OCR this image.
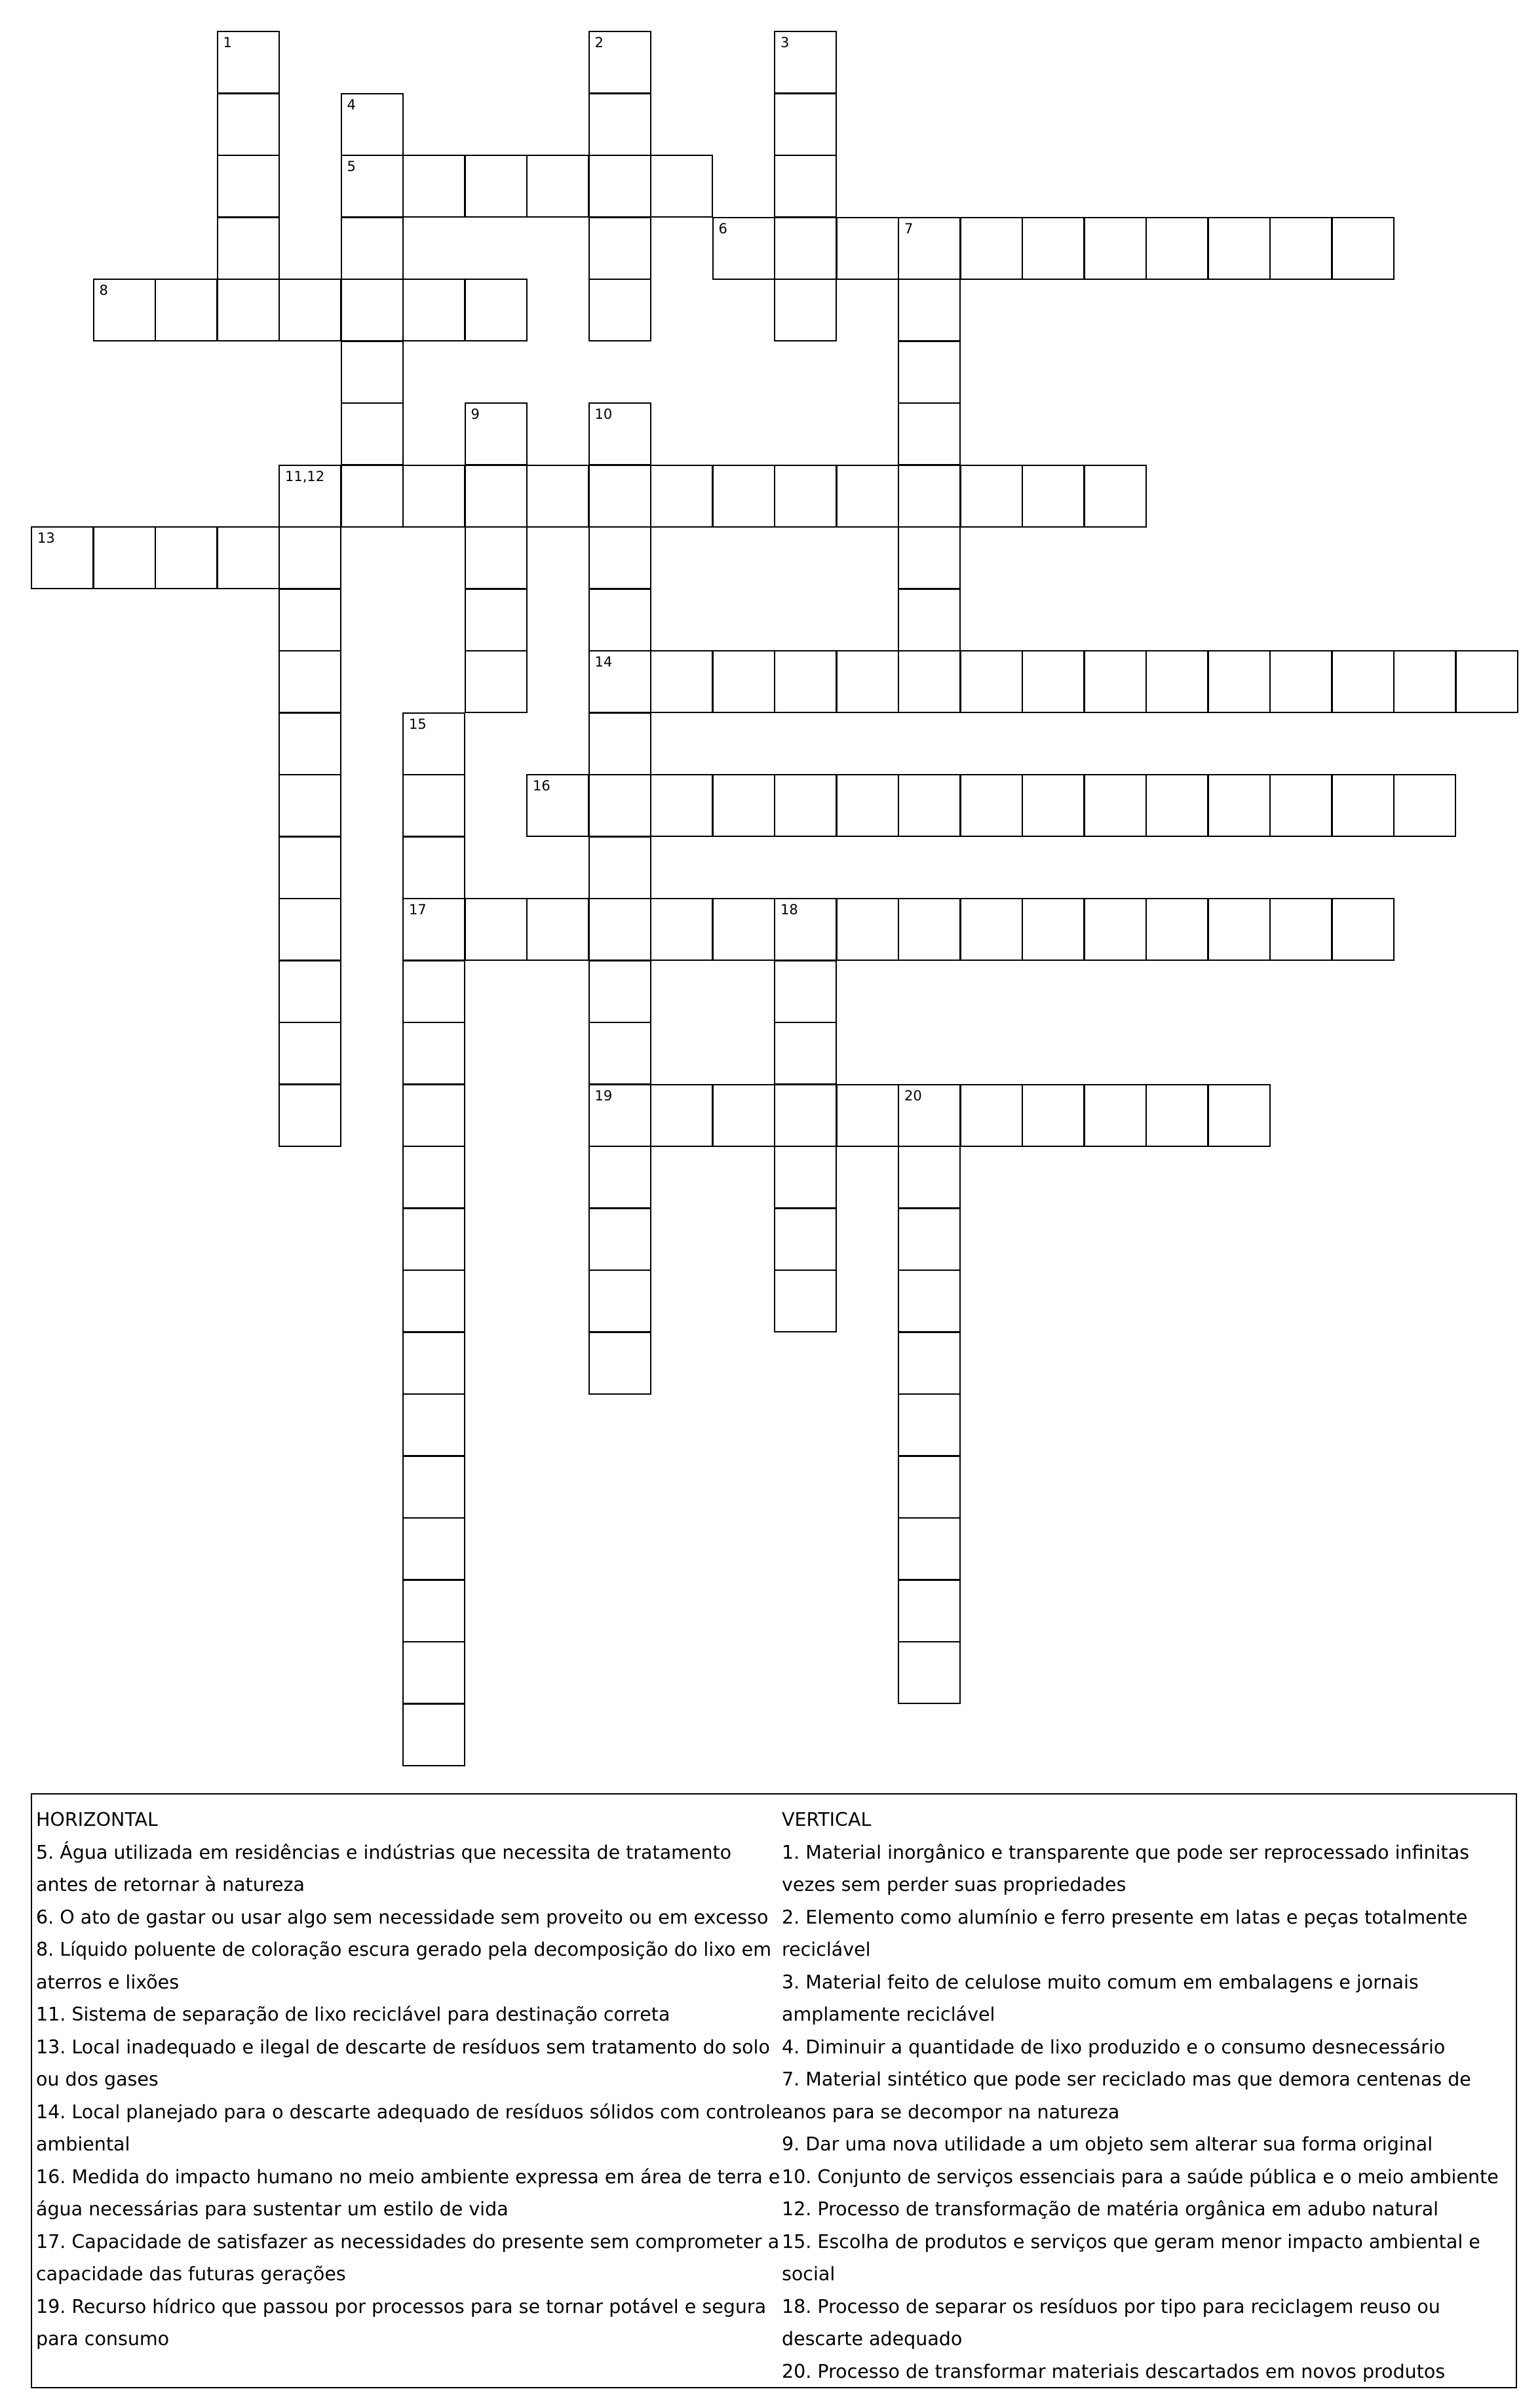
1	2	3
4
5
6	7
8
9	10
14
19
11,12
13
15
17
16
18
20

HORIZONTAL

5. Água utilizada em residências e indústrias que necessita de tratamento antes de retornar à natureza

6. O ato de gastar ou usar algo sem necessidade sem proveito ou em excesso

8. Líquido poluente de coloração escura gerado pela decomposição do lixo em aterros e lixões

11. Sistema de separação de lixo reciclável para destinação correta

13. Local inadequado e ilegal de descarte de resíduos sem tratamento do solo ou dos gases

14. Local planejado para o descarte adequado de resíduos sólidos com controle ambiental

16. Medida do impacto humano no meio ambiente expressa em área de terra e água necessárias para sustentar um estilo de vida

17. Capacidade de satisfazer as necessidades do presente sem comprometer a capacidade das futuras gerações

19. Recurso hídrico que passou por processos para se tornar potável e segura para consumo

VERTICAL

1. Material inorgânico e transparente que pode ser reprocessado infinitas vezes sem perder suas propriedades

2. Elemento como alumínio e ferro presente em latas e peças totalmente reciclável

3. Material feito de celulose muito comum em embalagens e jornais amplamente reciclável

4. Diminuir a quantidade de lixo produzido e o consumo desnecessário

7. Material sintético que pode ser reciclado mas que demora centenas de anos para se decompor na natureza

9. Dar uma nova utilidade a um objeto sem alterar sua forma original

10. Conjunto de serviços essenciais para a saúde pública e o meio ambiente

12. Processo de transformação de matéria orgânica em adubo natural

15. Escolha de produtos e serviços que geram menor impacto ambiental e social

18. Processo de separar os resíduos por tipo para reciclagem reuso ou descarte adequado

20. Processo de transformar materiais descartados em novos produtos
